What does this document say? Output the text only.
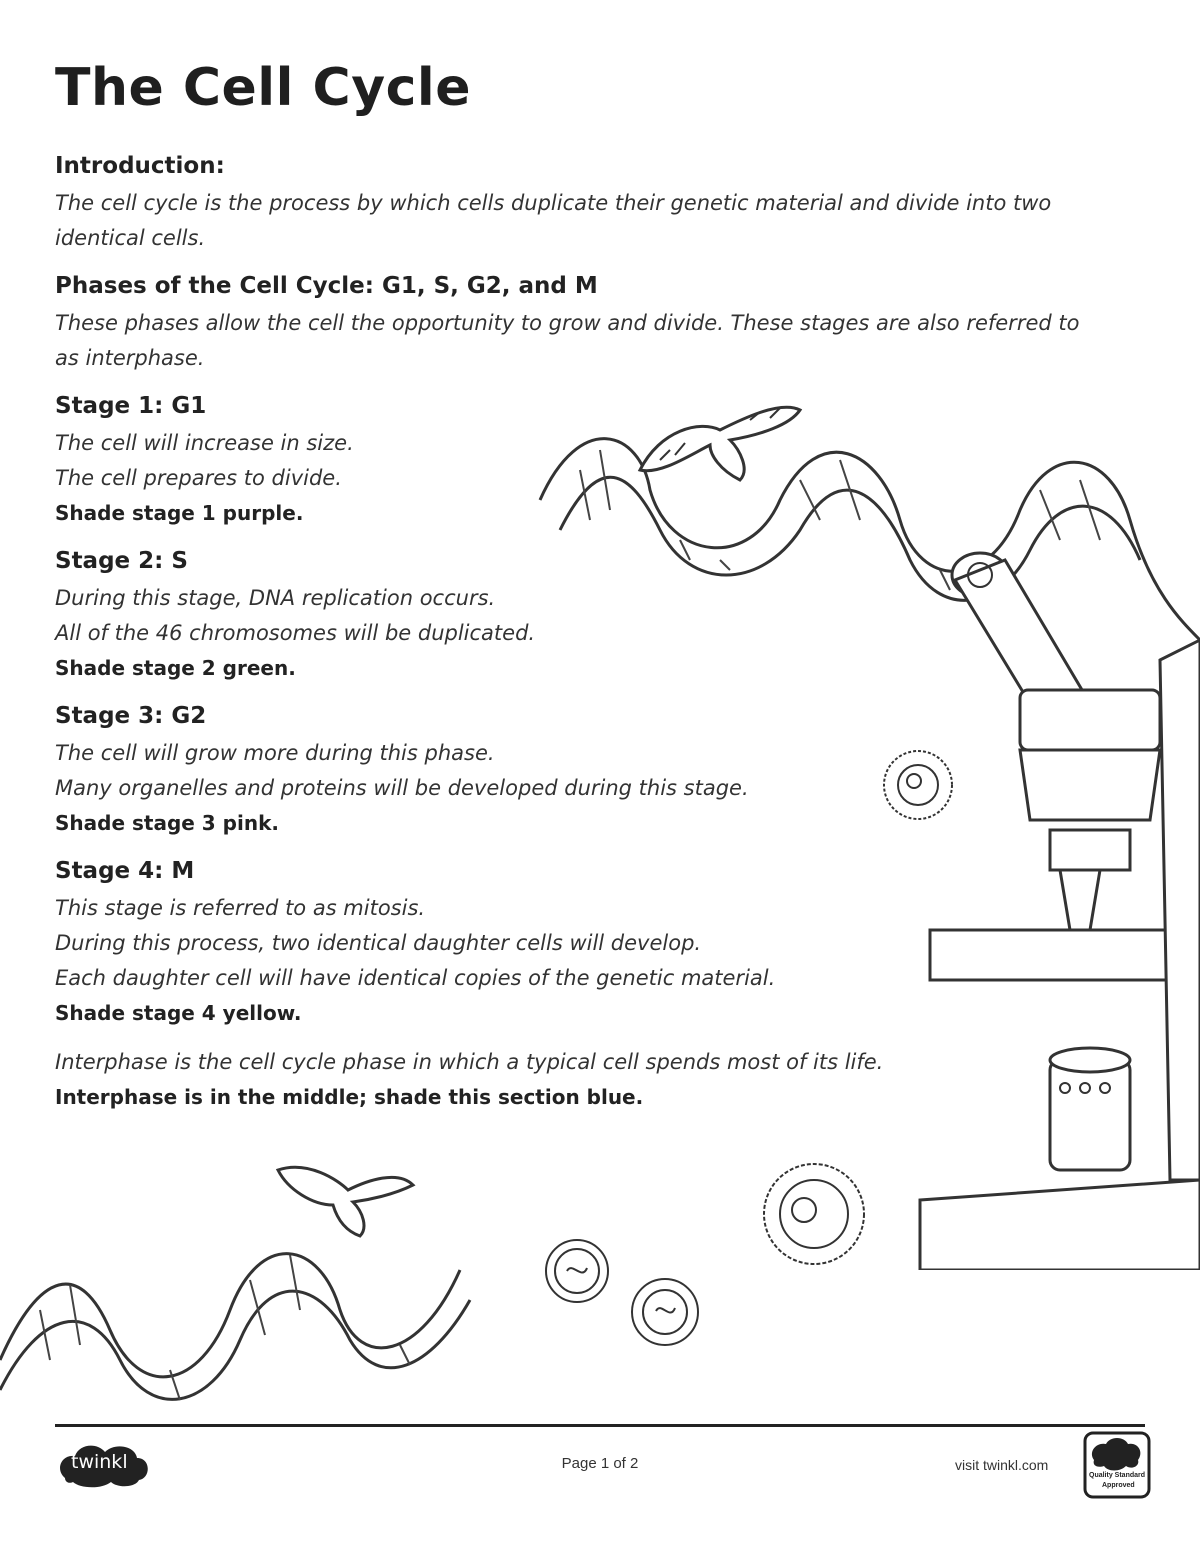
The Cell Cycle

Introduction:

The cell cycle is the process by which cells duplicate their genetic material and divide into two

identical cells.

Phases of the Cell Cycle: G1, S, G2, and M

These phases allow the cell the opportunity to grow and divide. These stages are also referred to

as interphase.

Stage 1: G1

The cell will increase in size.

The cell prepares to divide.

Shade stage 1 purple.

Stage 2: S

During this stage, DNA replication occurs.

All of the 46 chromosomes will be duplicated.

Shade stage 2 green.

Stage 3: G2

The cell will grow more during this phase.

Many organelles and proteins will be developed during this stage.

Shade stage 3 pink.

Stage 4: M

This stage is referred to as mitosis.

During this process, two identical daughter cells will develop.

Each daughter cell will have identical copies of the genetic material.

Shade stage 4 yellow.

Interphase is the cell cycle phase in which a typical cell spends most of its life.

Interphase is in the middle; shade this section blue.

twinkl	Page 1 of 2	visit twinkl.com
Quality Standard
Approved
